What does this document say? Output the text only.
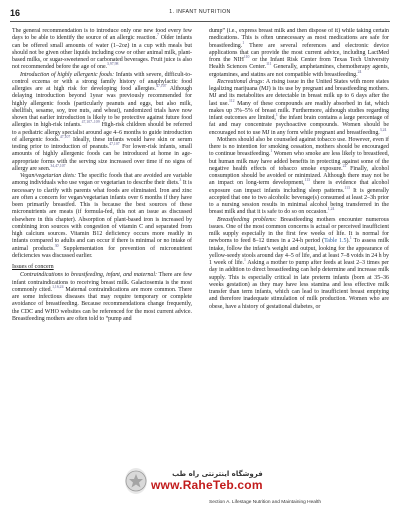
16	1. INFANT NUTRITION

The general recommendation is to introduce only one new food every few days to be able to identify the source of an allergic reaction.$^7$ Older infants can be offered small amounts of water (1–2oz) in a cup with meals but should not be given other liquids including cow or other animal milk, plant-based milks, or sugar-sweetened or carbonated beverages. Fruit juice is also not recommended before the age of one.$^{3,97,98}$

Introduction of highly allergenic foods: Infants with severe, difficult-to-control eczema or with a strong family history of anaphylactic food allergies are at high risk for developing food allergies.$^{47,107}$ Although delaying introduction beyond 1year was previously recommended for highly allergenic foods (particularly peanuts and eggs, but also milk, shellfish, sesame, soy, tree nuts, and wheat), randomized trials have now shown that earlier introduction is likely to be protective against future food allergies in high-risk infants.$^{47,107-109}$ High-risk children should be referred to a pediatric allergy specialist around age 4–6 months to guide introduction of allergenic foods.$^{47,107}$ Ideally, these infants would have skin or serum testing prior to introduction of peanuts.$^{47,107}$ For lower-risk infants, small amounts of highly allergenic foods can be introduced at home in age-appropriate forms with the serving size increased over time if no signs of allergy are seen.$^{34,47,107}$

Vegan/vegetarian diets: The specific foods that are avoided are variable among individuals who use vegan or vegetarian to describe their diets.$^3$ It is necessary to clarify with parents what foods are eliminated. Iron and zinc are often a concern for vegan/vegetarian infants over 6 months if they have been primarily breastfed. This is because the best sources of these micronutrients are meats (if formula-fed, this not an issue as discussed elsewhere in this chapter). Absorption of plant-based iron is increased by combining iron sources with congestion of vitamin C and separated from high calcium sources. Vitamin B12 deficiency occurs more readily in infants compared to adults and can occur if there is minimal or no intake of animal products.$^{30}$ Supplementation for prevention of micronutrient deficiencies was discussed earlier.

Issues of concern

Contraindications to breastfeeding, infant, and maternal: There are few infant contraindications to receiving breast milk. Galactosemia is the most commonly cited.$^{1,16,24}$ Maternal contraindications are more common. There are some infectious diseases that may require temporary or complete avoidance of breastfeeding. Because recommendations change frequently, the CDC and WHO websites can be referenced for the most current advice. Breastfeeding mothers are often told to “pump and

dump” (i.e., express breast milk and then dispose of it) while taking certain medications. This is often unnecessary as most medications are safe for breastfeeding.$^1$ There are several references and electronic device applications that can provide the most current advice, including LactMed from the NIH$^{110}$ or the Infant Risk Center from Texas Tech University Health Sciences Center.$^{111}$ Generally, amphetamines, chemotherapy agents, ergotamines, and statins are not compatible with breastfeeding.$^{24}$

Recreational drugs: A rising issue in the United States with more states legalizing marijuana (MJ) is its use by pregnant and breastfeeding mothers. MJ and its metabolites are detectable in breast milk up to 6 days after the last use.$^{112}$ Many of these compounds are readily absorbed in fat, which makes up 3%–5% of breast milk. Furthermore, although studies regarding infant outcomes are limited,$^1$ the infant brain contains a large percentage of fat and may concentrate psychoactive compounds. Women should be encouraged not to use MJ in any form while pregnant and breastfeeding.$^{3,24}$

Mothers should also be counseled against tobacco use. However, even if there is no intention for smoking cessation, mothers should be encouraged to continue breastfeeding.$^1$ Women who smoke are less likely to breastfeed, but human milk may have added benefits in protecting against some of the negative health effects of tobacco smoke exposure.$^{22}$ Finally, alcohol consumption should be avoided or minimized. Although there may not be an impact on long-term development,$^{113}$ there is evidence that alcohol exposure can impact infants including sleep patterns.$^{113}$ It is generally accepted that one to two alcoholic beverage(s) consumed at least 2–3h prior to a nursing session results in minimal alcohol being transferred in the breast milk and that it is safe to do so on occasion.$^{1,24}$

Breastfeeding problems: Breastfeeding mothers encounter numerous issues. One of the most common concerns is actual or perceived insufficient milk supply especially in the first few weeks of life. It is normal for newborns to feed 8–12 times in a 24-h period (Table 1.5).$^1$ To assess milk intake, follow the infant’s weight and output, looking for the appearance of yellow-seedy stools around day 4–5 of life, and at least 7–8 voids in 24 h by 1 week of life.$^1$ Asking a mother to pump after feeds at least 2–3 times per day in addition to direct breastfeeding can help determine and increase milk supply. This is especially critical in late preterm infants (born at 35–36 weeks gestation) as they may have less stamina and less effective milk transfer than term infants, which can lead to insufficient breast emptying and therefore inadequate stimulation of milk production. Women who are obese, have a history of gestational diabetes, or

فروشگاه اینترنتی راه طب
www.RaheTeb.com
Section A. Lifestage Nutrition and Maintaining Health
